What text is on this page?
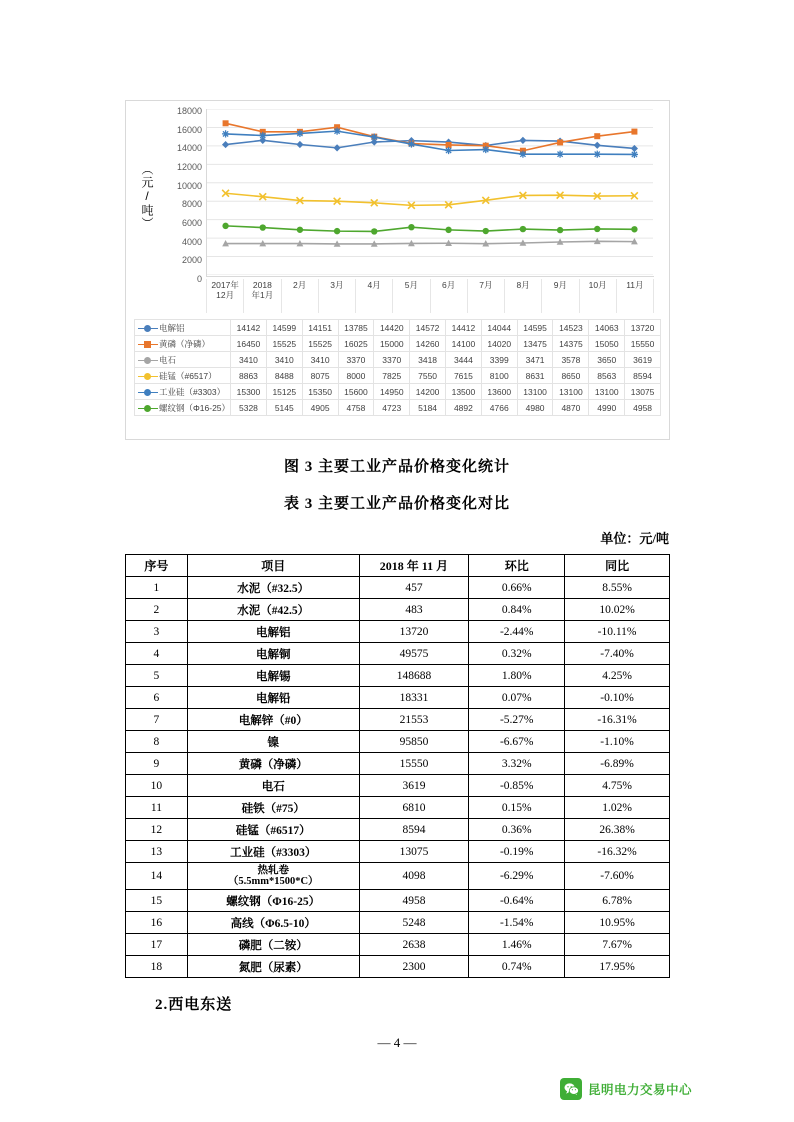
（元/吨）
18000
16000
14000
12000
10000
8000
6000
4000
2000
0
2017年
12月
2018
年1月
2月	3月	4月	5月	6月	7月	8月	9月	10月	11月
电解铝	14142	14599	14151	13785	14420	14572	14412	14044	14595	14523	14063	13720

黄磷（净磷）	16450	15525	15525	16025	15000	14260	14100	14020	13475	14375	15050	15550

电石	3410	3410	3410	3370	3370	3418	3444	3399	3471	3578	3650	3619

硅锰（#6517）	8863	8488	8075	8000	7825	7550	7615	8100	8631	8650	8563	8594

工业硅（#3303）	15300	15125	15350	15600	14950	14200	13500	13600	13100	13100	13100	13075

螺纹钢（Φ16-25）	5328	5145	4905	4758	4723	5184	4892	4766	4980	4870	4990	4958
图 3 主要工业产品价格变化统计
表 3 主要工业产品价格变化对比
单位：元/吨
序号	项目	2018 年 11 月	环比	同比
1	水泥（#32.5）	457	0.66%	8.55%
2	水泥（#42.5）	483	0.84%	10.02%
3	电解铝	13720	-2.44%	-10.11%
4	电解铜	49575	0.32%	-7.40%
5	电解锡	148688	1.80%	4.25%
6	电解铅	18331	0.07%	-0.10%
7	电解锌（#0）	21553	-5.27%	-16.31%
8	镍	95850	-6.67%	-1.10%
9	黄磷（净磷）	15550	3.32%	-6.89%
10	电石	3619	-0.85%	4.75%
11	硅铁（#75）	6810	0.15%	1.02%
12	硅锰（#6517）	8594	0.36%	26.38%
13	工业硅（#3303）	13075	-0.19%	-16.32%
14	热轧卷
（5.5mm*1500*C）	4098	-6.29%	-7.60%
15	螺纹钢（Φ16-25）	4958	-0.64%	6.78%
16	高线（Φ6.5-10）	5248	-1.54%	10.95%
17	磷肥（二铵）	2638	1.46%	7.67%
18	氮肥（尿素）	2300	0.74%	17.95%
2.西电东送
— 4 —
昆明电力交易中心
